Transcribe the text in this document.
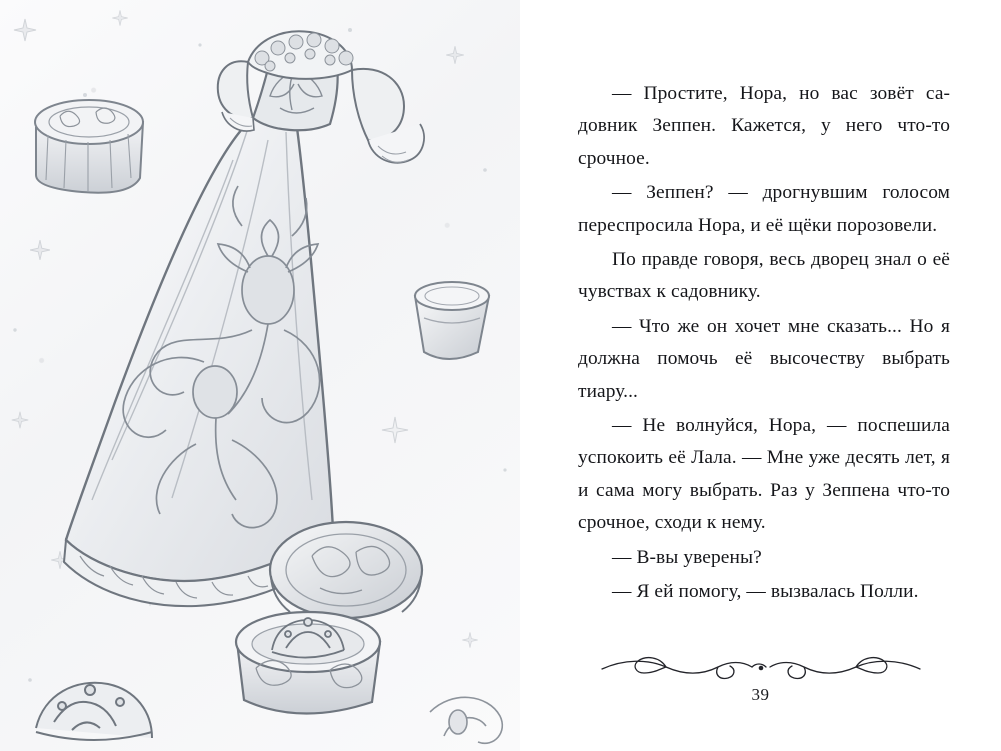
— Простите, Нора, но вас зовёт садовник Зеппен. Кажется, у него что-то срочное.

— Зеппен? — дрогнувшим голосом переспросила Нора, и её щёки порозовели.

По правде говоря, весь дворец знал о её чувствах к садовнику.

— Что же он хочет мне сказать... Но я должна помочь её высочеству выбрать тиару...

— Не волнуйся, Нора, — поспешила успокоить её Лала. — Мне уже десять лет, я и сама могу выбрать. Раз у Зеппена что-то срочное, сходи к нему.

— В-вы уверены?

— Я ей помогу, — вызвалась Полли.

39
